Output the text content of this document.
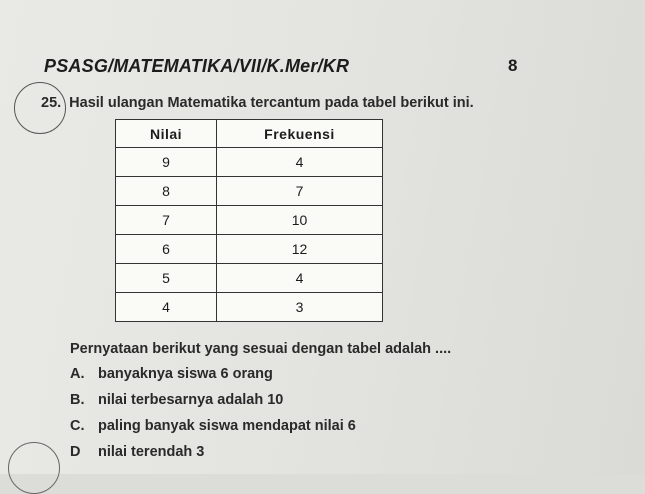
PSASG/MATEMATIKA/VII/K.Mer/KR	8
25. Hasil ulangan Matematika tercantum pada tabel berikut ini.
Nilai	Frekuensi
9	4
8	7
7	10
6	12
5	4
4	3
Pernyataan berikut yang sesuai dengan tabel adalah ....
A. banyaknya siswa 6 orang
B. nilai terbesarnya adalah 10
C. paling banyak siswa mendapat nilai 6
D nilai terendah 3
